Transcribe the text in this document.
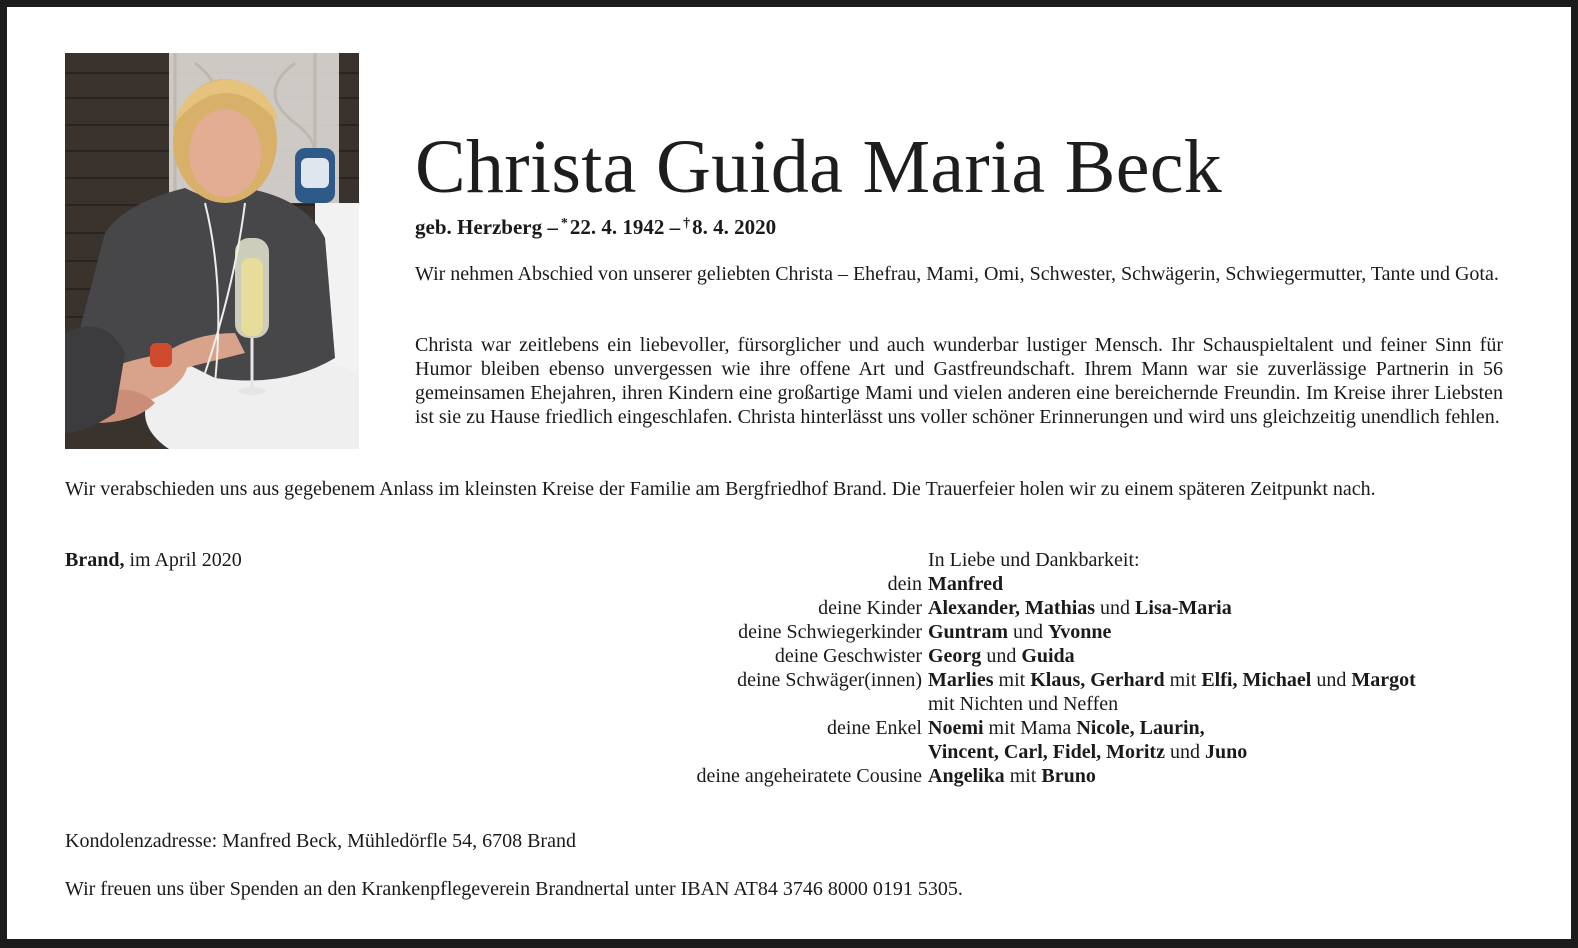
Christa Guida Maria Beck
geb. Herzberg – *22. 4. 1942 – †8. 4. 2020

Wir nehmen Abschied von unserer geliebten Christa – Ehefrau, Mami, Omi, Schwester, Schwägerin, Schwiegermutter, Tante und Gota.

Christa war zeitlebens ein liebevoller, fürsorglicher und auch wunderbar lustiger Mensch. Ihr Schauspieltalent und feiner Sinn für Humor bleiben ebenso unvergessen wie ihre offene Art und Gastfreundschaft. Ihrem Mann war sie zuverlässige Partnerin in 56 gemeinsamen Ehejahren, ihren Kindern eine großartige Mami und vielen anderen eine bereichernde Freundin. Im Kreise ihrer Liebsten ist sie zu Hause friedlich eingeschlafen. Christa hinterlässt uns voller schöner Erinnerungen und wird uns gleichzeitig unendlich fehlen.

Wir verabschieden uns aus gegebenem Anlass im kleinsten Kreise der Familie am Bergfriedhof Brand. Die Trauerfeier holen wir zu einem späteren Zeitpunkt nach.

Brand, im April 2020	In Liebe und Dankbarkeit:
dein Manfred
deine Kinder Alexander, Mathias und Lisa-Maria
deine Schwiegerkinder Guntram und Yvonne
deine Geschwister Georg und Guida
deine Schwäger(innen) Marlies mit Klaus, Gerhard mit Elfi, Michael und Margot
mit Nichten und Neffen
deine Enkel Noemi mit Mama Nicole, Laurin,
Vincent, Carl, Fidel, Moritz und Juno
deine angeheiratete Cousine Angelika mit Bruno
Kondolenzadresse: Manfred Beck, Mühledörfle 54, 6708 Brand
Wir freuen uns über Spenden an den Krankenpflegeverein Brandnertal unter IBAN AT84 3746 8000 0191 5305.
